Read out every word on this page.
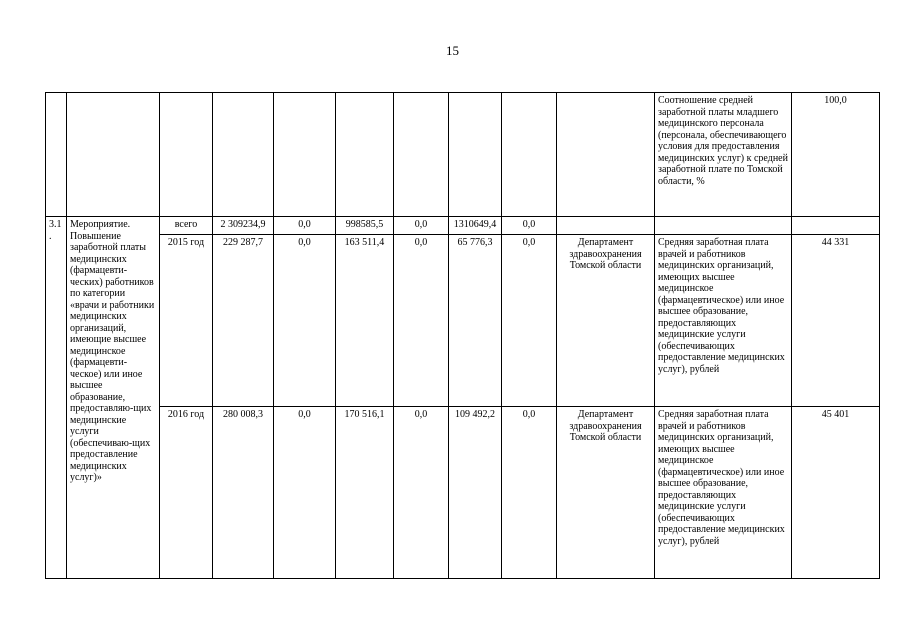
15
										Соотношение средней заработной платы младшего медицинского персонала (персонала, обеспечивающего условия для предоставления медицинских услуг) к средней заработной плате по Томской области, %	100,0
3.1.	Мероприятие. Повышение заработной платы медицинских (фармацевти-ческих) работников по категории «врачи и работники медицинских организаций, имеющие высшее медицинское (фармацевти-ческое) или иное высшее образование, предоставляю-щих медицинские услуги (обеспечиваю-щих предоставление медицинских услуг)»	всего	2 309234,9	0,0	998585,5	0,0	1310649,4	0,0			
		2015 год	229 287,7	0,0	163 511,4	0,0	65 776,3	0,0	Департамент здравоохранения Томской области	Средняя заработная плата врачей и работников медицинских организаций, имеющих высшее медицинское (фармацевтическое) или иное высшее образование, предоставляющих медицинские услуги (обеспечивающих предоставление медицинских услуг), рублей	44 331
		2016 год	280 008,3	0,0	170 516,1	0,0	109 492,2	0,0	Департамент здравоохранения Томской области	Средняя заработная плата врачей и работников медицинских организаций, имеющих высшее медицинское (фармацевтическое) или иное высшее образование, предоставляющих медицинские услуги (обеспечивающих предоставление медицинских услуг), рублей	45 401
